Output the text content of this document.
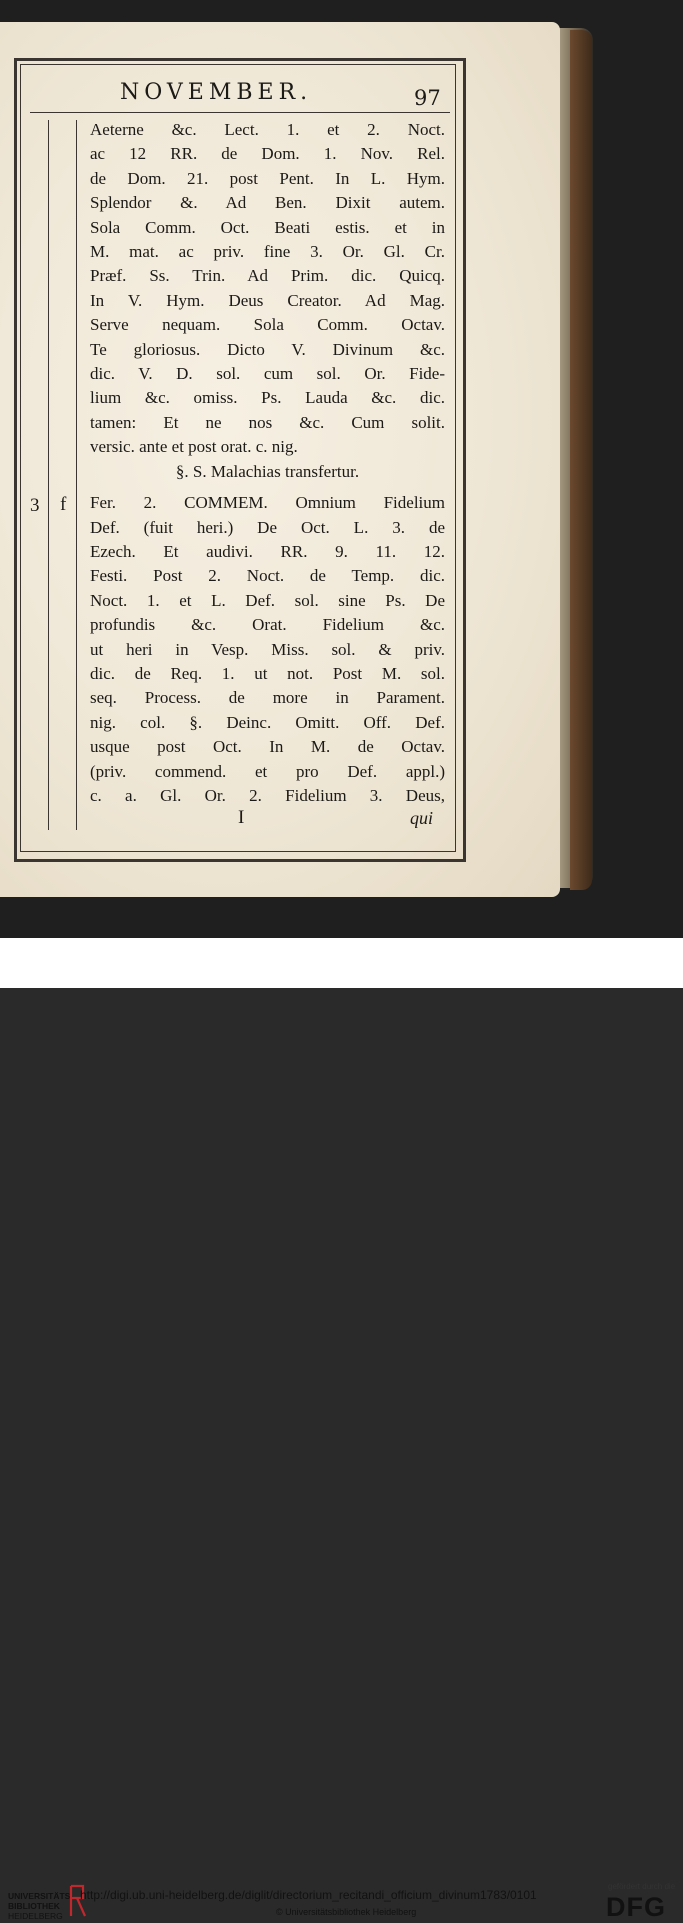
NOVEMBER.	97
3 f
Aeterne &c. Lect. 1. et 2. Noct.
ac 12 RR. de Dom. 1. Nov. Rel.
de Dom. 21. post Pent. In L. Hym.
Splendor &. Ad Ben. Dixit autem.
Sola Comm. Oct. Beati estis. et in
M. mat. ac priv. fine 3. Or. Gl. Cr.
Præf. Ss. Trin. Ad Prim. dic. Quicq.
In V. Hym. Deus Creator. Ad Mag.
Serve nequam. Sola Comm. Octav.
Te gloriosus. Dicto V. Divinum &c.
dic. V. D. sol. cum sol. Or. Fide-
lium &c. omiss. Ps. Lauda &c. dic.
tamen: Et ne nos &c. Cum solit.
versic. ante et post orat. c. nig.
§. S. Malachias transfertur.
Fer. 2. COMMEM. Omnium Fidelium
Def. (fuit heri.) De Oct. L. 3. de
Ezech. Et audivi. RR. 9. 11. 12.
Festi. Post 2. Noct. de Temp. dic.
Noct. 1. et L. Def. sol. sine Ps. De
profundis &c. Orat. Fidelium &c.
ut heri in Vesp. Miss. sol. & priv.
dic. de Req. 1. ut not. Post M. sol.
seq. Process. de more in Parament.
nig. col. §. Deinc. Omitt. Off. Def.
usque post Oct. In M. de Octav.
(priv. commend. et pro Def. appl.)
c. a. Gl. Or. 2. Fidelium 3. Deus,
I	qui
UNIVERSITÄTS-
BIBLIOTHEK
HEIDELBERG
http://digi.ub.uni-heidelberg.de/diglit/directorium_recitandi_officium_divinum1783/0101
© Universitätsbibliothek Heidelberg
gefördert durch die
DFG
